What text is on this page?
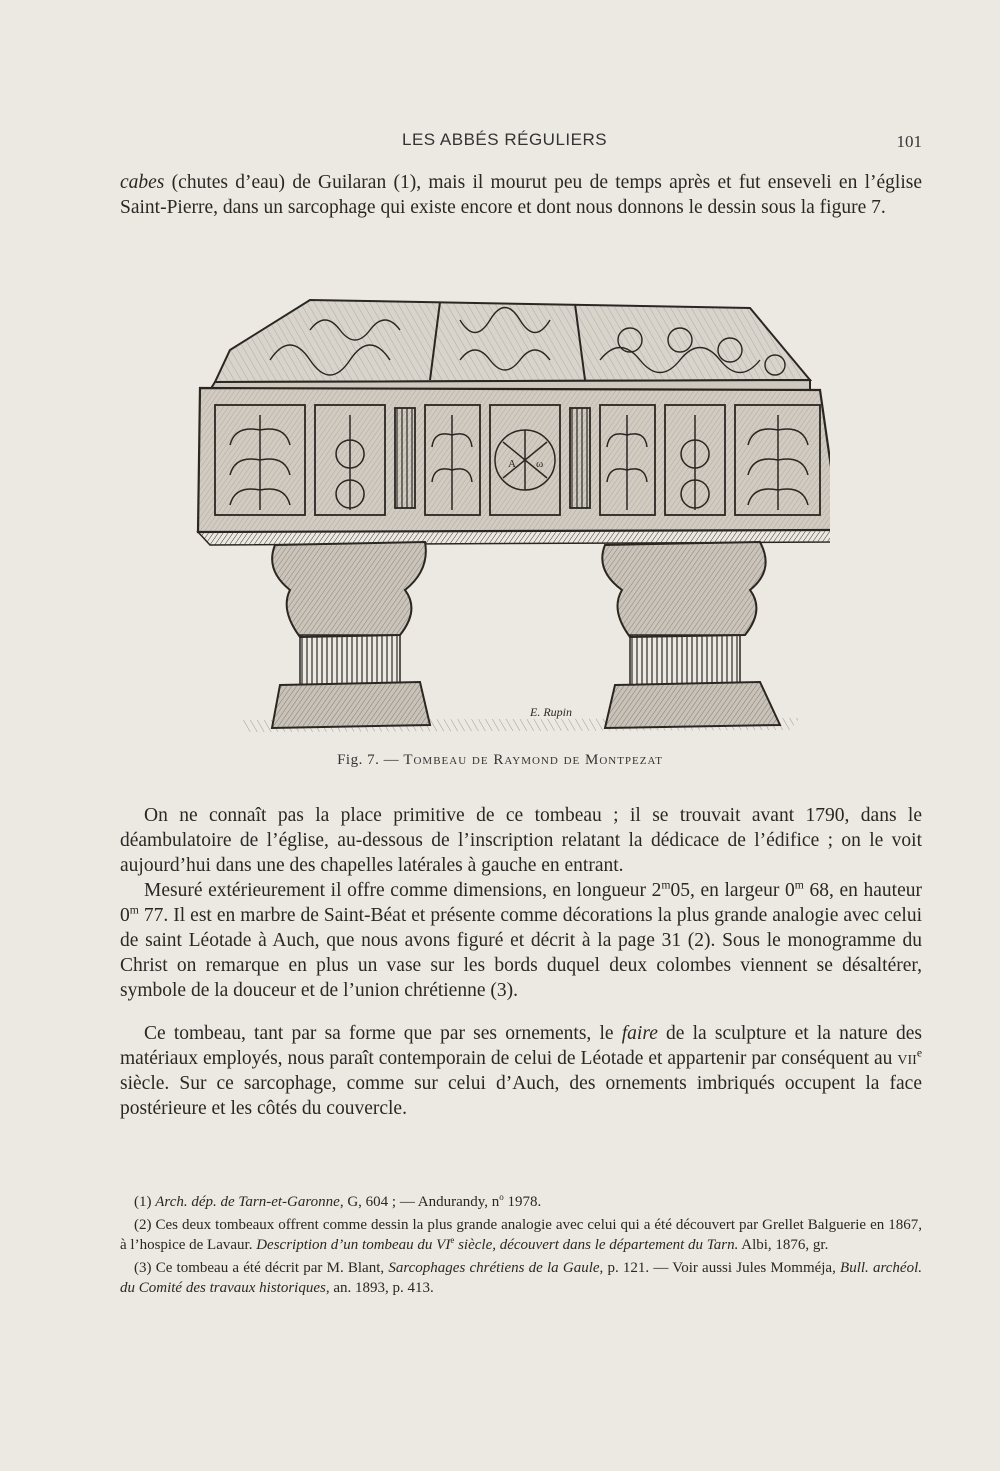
LES ABBÉS RÉGULIERS	101

cabes (chutes d’eau) de Guilaran (1), mais il mourut peu de temps après et fut enseveli en l’église Saint-Pierre, dans un sarcophage qui existe encore et dont nous donnons le dessin sous la figure 7.

A ω
E. Rupin
Fig. 7. — Tombeau de Raymond de Montpezat

On ne connaît pas la place primitive de ce tombeau ; il se trouvait avant 1790, dans le déambulatoire de l’église, au-dessous de l’inscription relatant la dédicace de l’édifice ; on le voit aujourd’hui dans une des chapelles latérales à gauche en entrant.

Mesuré extérieurement il offre comme dimensions, en longueur 2$^m$05, en largeur 0$^m$ 68, en hauteur 0$^m$ 77. Il est en marbre de Saint-Béat et présente comme décorations la plus grande analogie avec celui de saint Léotade à Auch, que nous avons figuré et décrit à la page 31 (2). Sous le monogramme du Christ on remarque en plus un vase sur les bords duquel deux colombes viennent se désaltérer, symbole de la douceur et de l’union chrétienne (3).

Ce tombeau, tant par sa forme que par ses ornements, le faire de la sculpture et la nature des matériaux employés, nous paraît contemporain de celui de Léotade et appartenir par conséquent au vii$^e$ siècle. Sur ce sarcophage, comme sur celui d’Auch, des ornements imbriqués occupent la face postérieure et les côtés du couvercle.

(1) Arch. dép. de Tarn-et-Garonne, G, 604 ; — Andurandy, $n^o$ 1978.

(2) Ces deux tombeaux offrent comme dessin la plus grande analogie avec celui qui a été découvert par Grellet Balguerie en 1867, à l’hospice de Lavaur. Description d’un tombeau du VIe siècle, découvert dans le département du Tarn. Albi, 1876, gr.

(3) Ce tombeau a été décrit par M. Blant, Sarcophages chrétiens de la Gaule, p. 121. — Voir aussi Jules Momméja, Bull. archéol. du Comité des travaux historiques, an. 1893, p. 413.
